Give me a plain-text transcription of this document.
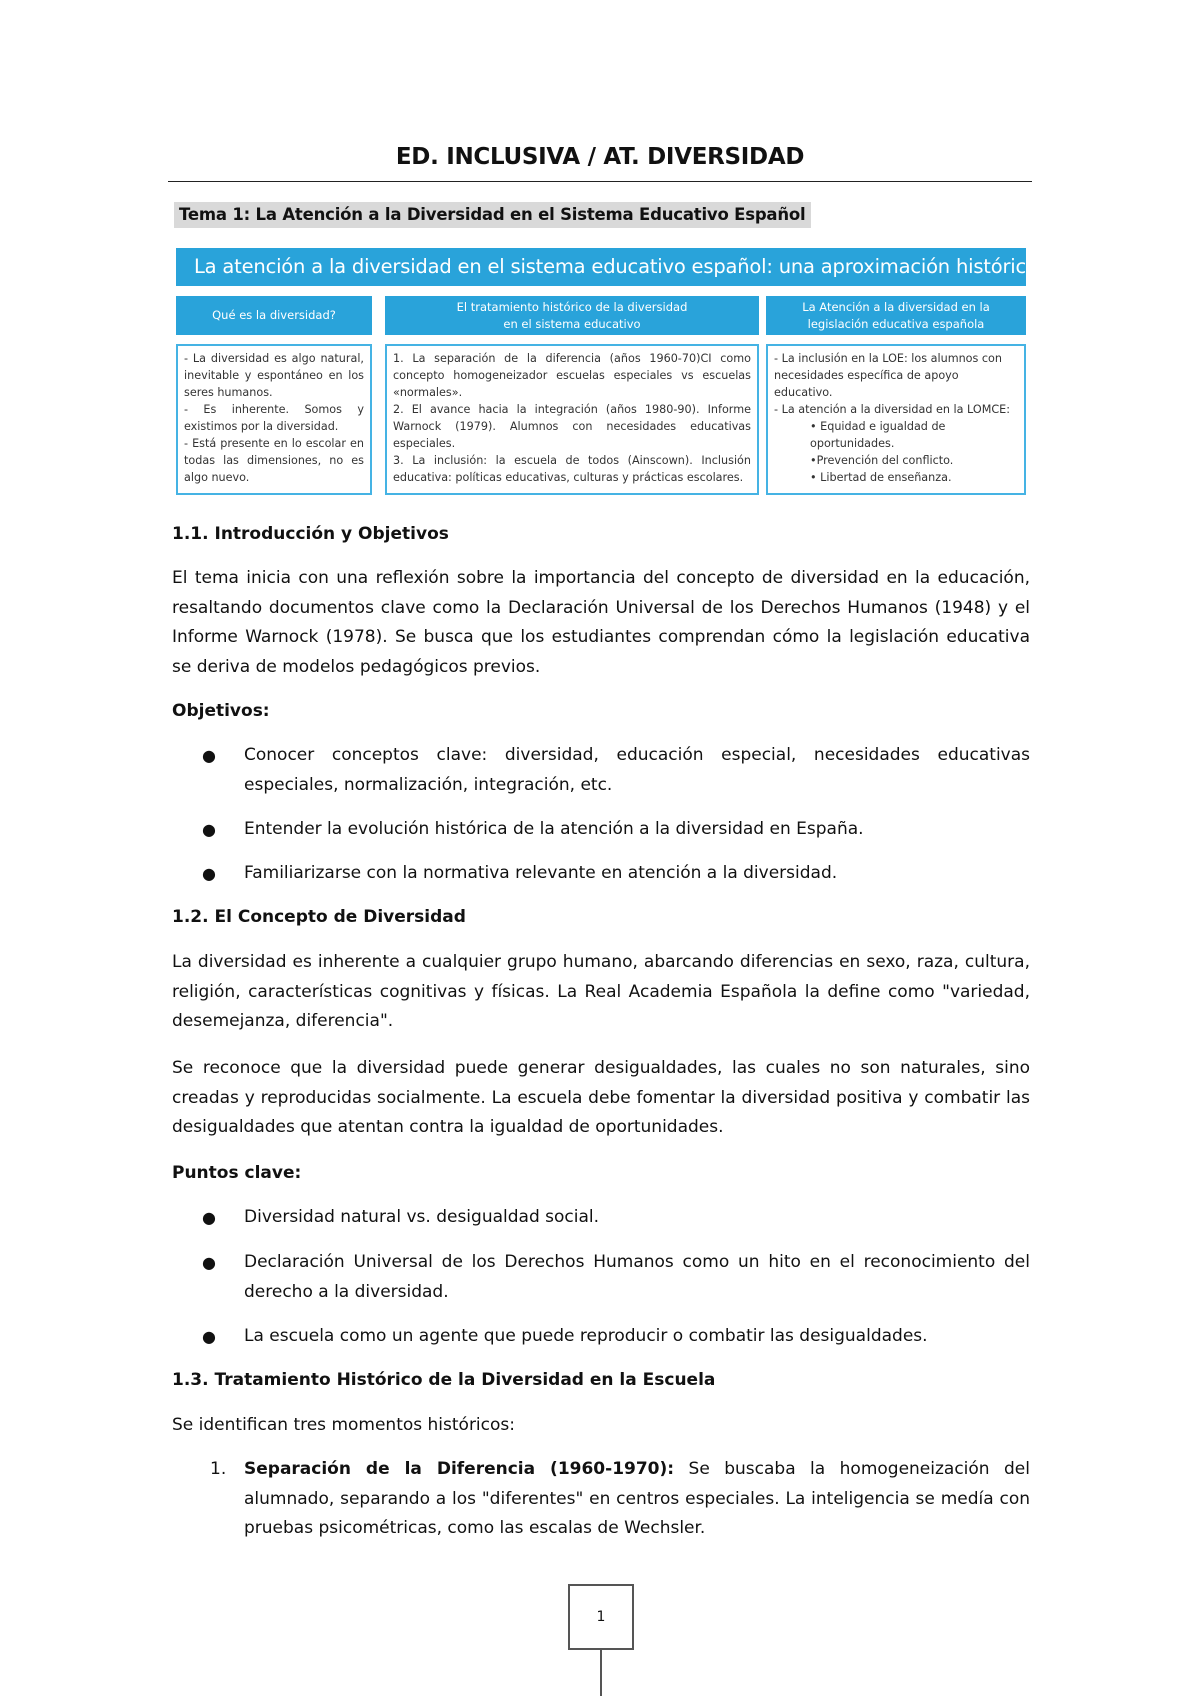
ED. INCLUSIVA / AT. DIVERSIDAD
Tema 1: La Atención a la Diversidad en el Sistema Educativo Español
La atención a la diversidad en el sistema educativo español: una aproximación histórica
Qué es la diversidad?
El tratamiento histórico de la diversidad
en el sistema educativo
La Atención a la diversidad en la
legislación educativa española
- La diversidad es algo natural, inevitable y espontáneo en los seres humanos.
- Es inherente. Somos y existimos por la diversidad.
- Está presente en lo escolar en todas las dimensiones, no es algo nuevo.
1. La separación de la diferencia (años 1960-70)CI como concepto homogeneizador escuelas especiales vs escuelas «normales».
2. El avance hacia la integración (años 1980-90). Informe Warnock (1979). Alumnos con necesidades educativas especiales.
3. La inclusión: la escuela de todos (Ainscown). Inclusión educativa: políticas educativas, culturas y prácticas escolares.
- La inclusión en la LOE: los alumnos con necesidades específica de apoyo educativo.
- La atención a la diversidad en la LOMCE:
• Equidad e igualdad de oportunidades.
•Prevención del conflicto.
• Libertad de enseñanza.
1.1. Introducción y Objetivos
El tema inicia con una reflexión sobre la importancia del concepto de diversidad en la educación, resaltando documentos clave como la Declaración Universal de los Derechos Humanos (1948) y el Informe Warnock (1978). Se busca que los estudiantes comprendan cómo la legislación educativa se deriva de modelos pedagógicos previos.
Objetivos:
● Conocer conceptos clave: diversidad, educación especial, necesidades educativas especiales, normalización, integración, etc.
● Entender la evolución histórica de la atención a la diversidad en España.
● Familiarizarse con la normativa relevante en atención a la diversidad.
1.2. El Concepto de Diversidad
La diversidad es inherente a cualquier grupo humano, abarcando diferencias en sexo, raza, cultura, religión, características cognitivas y físicas. La Real Academia Española la define como "variedad, desemejanza, diferencia".
Se reconoce que la diversidad puede generar desigualdades, las cuales no son naturales, sino creadas y reproducidas socialmente. La escuela debe fomentar la diversidad positiva y combatir las desigualdades que atentan contra la igualdad de oportunidades.
Puntos clave:
● Diversidad natural vs. desigualdad social.
● Declaración Universal de los Derechos Humanos como un hito en el reconocimiento del derecho a la diversidad.
● La escuela como un agente que puede reproducir o combatir las desigualdades.
1.3. Tratamiento Histórico de la Diversidad en la Escuela
Se identifican tres momentos históricos:
1. Separación de la Diferencia (1960-1970): Se buscaba la homogeneización del alumnado, separando a los "diferentes" en centros especiales. La inteligencia se medía con pruebas psicométricas, como las escalas de Wechsler.
1
